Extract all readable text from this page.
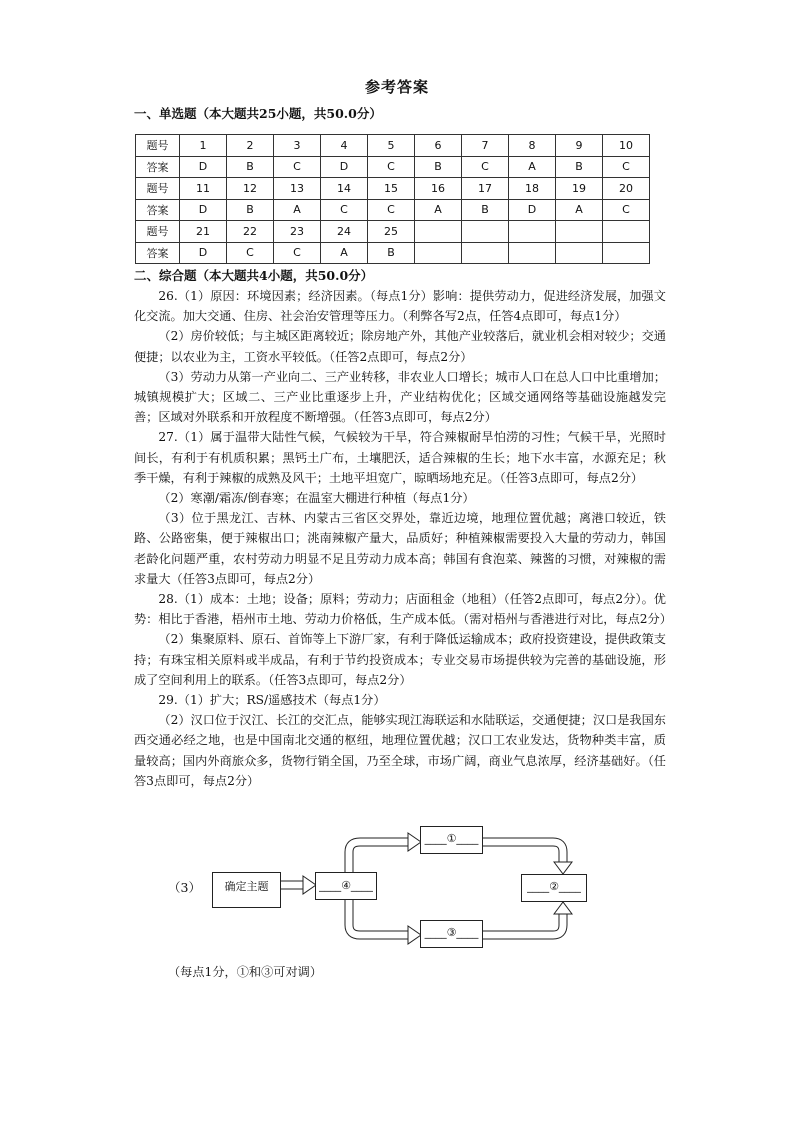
参考答案
一、单选题（本大题共25小题，共50.0分）
题号	1	2	3	4	5	6	7	8	9	10
答案	D	B	C	D	C	B	C	A	B	C
题号	11	12	13	14	15	16	17	18	19	20
答案	D	B	A	C	C	A	B	D	A	C
题号	21	22	23	24	25					
答案	D	C	C	A	B					
二、综合题（本大题共4小题，共50.0分）

26.（1）原因：环境因素；经济因素。（每点1分）影响：提供劳动力，促进经济发展，加强文化交流。加大交通、住房、社会治安管理等压力。（利弊各写2点，任答4点即可，每点1分）

（2）房价较低；与主城区距离较近；除房地产外，其他产业较落后，就业机会相对较少；交通便捷；以农业为主，工资水平较低。（任答2点即可，每点2分）

（3）劳动力从第一产业向二、三产业转移，非农业人口增长；城市人口在总人口中比重增加；城镇规模扩大；区域二、三产业比重逐步上升，产业结构优化；区域交通网络等基础设施越发完善；区域对外联系和开放程度不断增强。（任答3点即可，每点2分）

27.（1）属于温带大陆性气候，气候较为干旱，符合辣椒耐旱怕涝的习性；气候干旱，光照时间长，有利于有机质积累；黑钙土广布，土壤肥沃，适合辣椒的生长；地下水丰富，水源充足；秋季干燥，有利于辣椒的成熟及风干；土地平坦宽广，晾晒场地充足。（任答3点即可，每点2分）

（2）寒潮/霜冻/倒春寒；在温室大棚进行种植（每点1分）

（3）位于黑龙江、吉林、内蒙古三省区交界处，靠近边境，地理位置优越；离港口较近，铁路、公路密集，便于辣椒出口；洮南辣椒产量大，品质好；种植辣椒需要投入大量的劳动力，韩国老龄化问题严重，农村劳动力明显不足且劳动力成本高；韩国有食泡菜、辣酱的习惯，对辣椒的需求量大（任答3点即可，每点2分）

28.（1）成本：土地；设备；原料；劳动力；店面租金（地租）（任答2点即可，每点2分）。优势：相比于香港，梧州市土地、劳动力价格低，生产成本低。（需对梧州与香港进行对比，每点2分）

（2）集聚原料、原石、首饰等上下游厂家，有利于降低运输成本；政府投资建设，提供政策支持；有珠宝相关原料或半成品，有利于节约投资成本；专业交易市场提供较为完善的基础设施，形成了空间利用上的联系。（任答3点即可，每点2分）

29.（1）扩大；RS/遥感技术（每点1分）

（2）汉口位于汉江、长江的交汇点，能够实现江海联运和水陆联运，交通便捷；汉口是我国东西交通必经之地，也是中国南北交通的枢纽，地理位置优越；汉口工农业发达，货物种类丰富，质量较高；国内外商旅众多，货物行销全国，乃至全球，市场广阔，商业气息浓厚，经济基础好。（任答3点即可，每点2分）

（3）	确定主题	____④____
____①____
____②____
____③____
（每点1分，①和③可对调）
